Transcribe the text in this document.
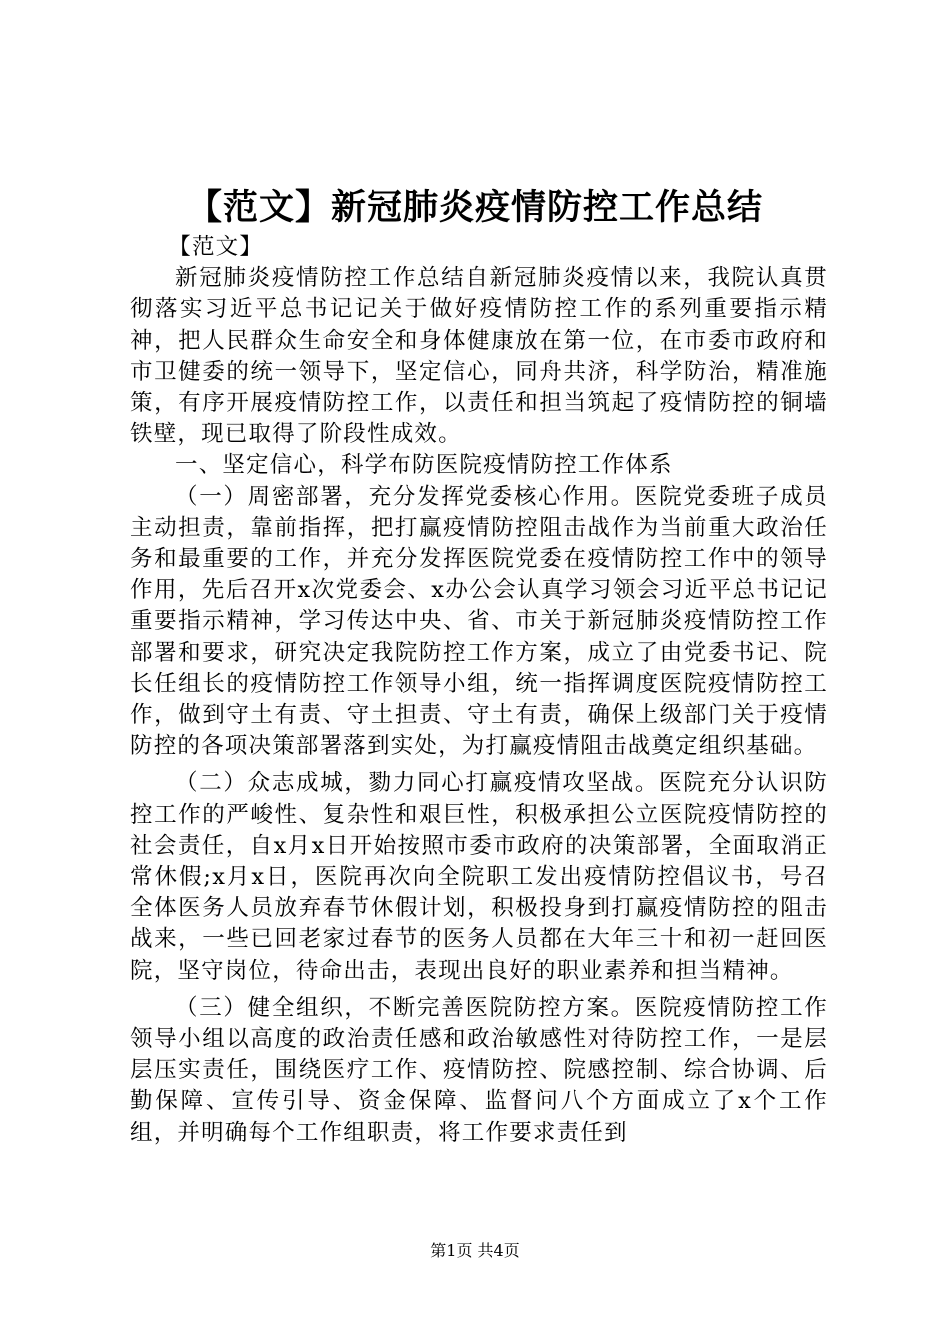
【范文】新冠肺炎疫情防控工作总结

【范文】

新冠肺炎疫情防控工作总结自新冠肺炎疫情以来，我院认真贯彻落实习近平总书记记关于做好疫情防控工作的系列重要指示精神，把人民群众生命安全和身体健康放在第一位，在市委市政府和市卫健委的统一领导下，坚定信心，同舟共济，科学防治，精准施策，有序开展疫情防控工作，以责任和担当筑起了疫情防控的铜墙铁壁，现已取得了阶段性成效。

一、坚定信心，科学布防医院疫情防控工作体系

（一）周密部署，充分发挥党委核心作用。医院党委班子成员主动担责，靠前指挥，把打赢疫情防控阻击战作为当前重大政治任务和最重要的工作，并充分发挥医院党委在疫情防控工作中的领导作用，先后召开x次党委会、x办公会认真学习领会习近平总书记记重要指示精神，学习传达中央、省、市关于新冠肺炎疫情防控工作部署和要求，研究决定我院防控工作方案，成立了由党委书记、院长任组长的疫情防控工作领导小组，统一指挥调度医院疫情防控工作，做到守土有责、守土担责、守土有责，确保上级部门关于疫情防控的各项决策部署落到实处，为打赢疫情阻击战奠定组织基础。

（二）众志成城，勠力同心打赢疫情攻坚战。医院充分认识防控工作的严峻性、复杂性和艰巨性，积极承担公立医院疫情防控的社会责任，自x月x日开始按照市委市政府的决策部署，全面取消正常休假;x月x日，医院再次向全院职工发出疫情防控倡议书，号召全体医务人员放弃春节休假计划，积极投身到打赢疫情防控的阻击战来，一些已回老家过春节的医务人员都在大年三十和初一赶回医院，坚守岗位，待命出击，表现出良好的职业素养和担当精神。

（三）健全组织，不断完善医院防控方案。医院疫情防控工作领导小组以高度的政治责任感和政治敏感性对待防控工作，一是层层压实责任，围绕医疗工作、疫情防控、院感控制、综合协调、后勤保障、宣传引导、资金保障、监督问八个方面成立了x个工作组，并明确每个工作组职责，将工作要求责任到

第1页 共4页
